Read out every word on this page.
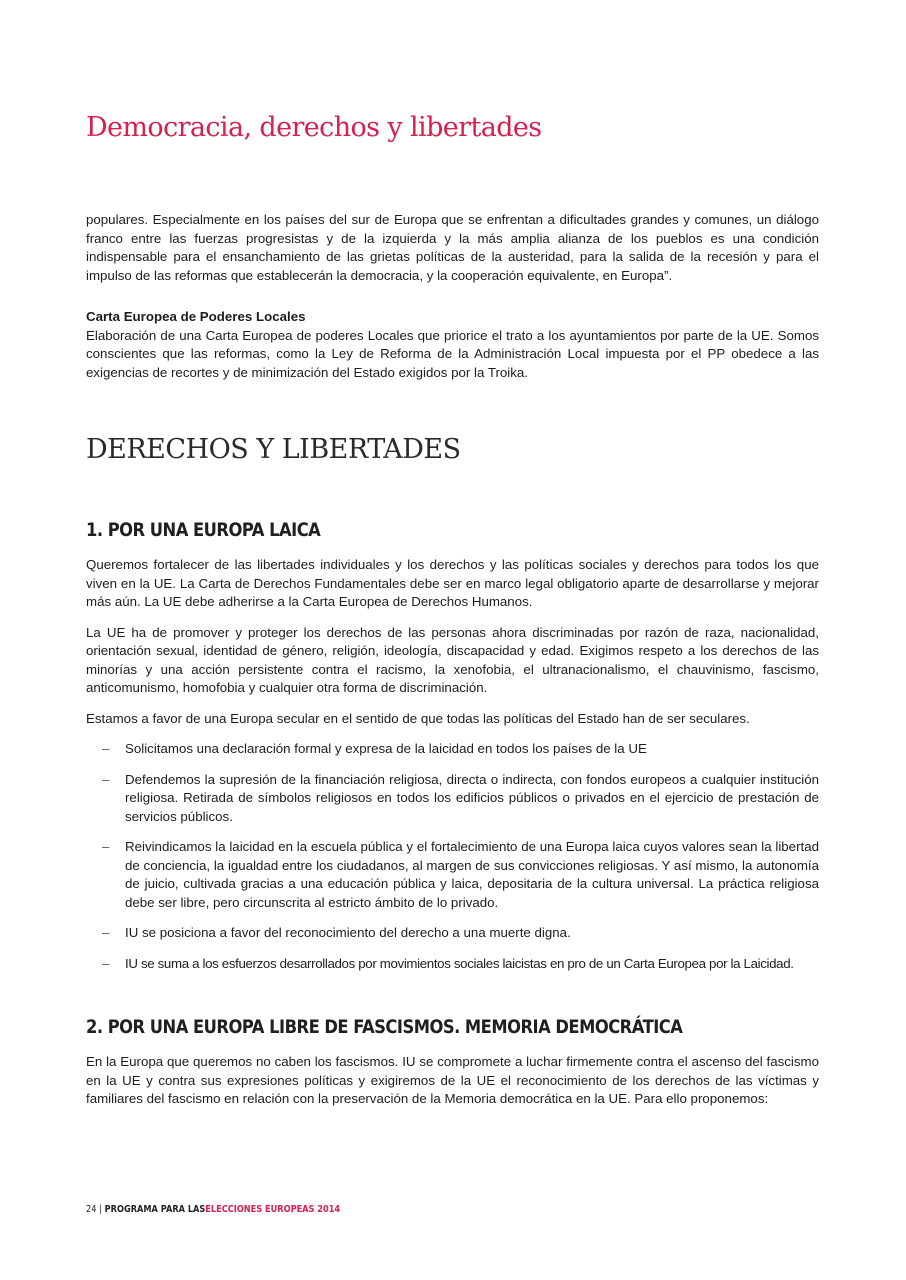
Democracia, derechos y libertades

populares. Especialmente en los países del sur de Europa que se enfrentan a dificultades grandes y comunes, un diálogo franco entre las fuerzas progresistas y de la izquierda y la más amplia alianza de los pueblos es una condición indispensable para el ensanchamiento de las grietas políticas de la austeridad, para la salida de la recesión y para el impulso de las reformas que establecerán la democracia, y la cooperación equivalente, en Europa”.

Carta Europea de Poderes Locales

Elaboración de una Carta Europea de poderes Locales que priorice el trato a los ayuntamientos por parte de la UE. Somos conscientes que las reformas, como la Ley de Reforma de la Administración Local impuesta por el PP obedece a las exigencias de recortes y de minimización del Estado exigidos por la Troika.

DERECHOS Y LIBERTADES
1. POR UNA EUROPA LAICA

Queremos fortalecer de las libertades individuales y los derechos y las políticas sociales y derechos para todos los que viven en la UE. La Carta de Derechos Fundamentales debe ser en marco legal obligatorio aparte de desarrollarse y mejorar más aún. La UE debe adherirse a la Carta Europea de Derechos Humanos.

La UE ha de promover y proteger los derechos de las personas ahora discriminadas por razón de raza, nacionalidad, orientación sexual, identidad de género, religión, ideología, discapacidad y edad. Exigimos respeto a los derechos de las minorías y una acción persistente contra el racismo, la xenofobia, el ultranacionalismo, el chauvinismo, fascismo, anticomunismo, homofobia y cualquier otra forma de discriminación.

Estamos a favor de una Europa secular en el sentido de que todas las políticas del Estado han de ser seculares.

– Solicitamos una declaración formal y expresa de la laicidad en todos los países de la UE
– Defendemos la supresión de la financiación religiosa, directa o indirecta, con fondos europeos a cualquier institución religiosa. Retirada de símbolos religiosos en todos los edificios públicos o privados en el ejercicio de prestación de servicios públicos.
– Reivindicamos la laicidad en la escuela pública y el fortalecimiento de una Europa laica cuyos valores sean la libertad de conciencia, la igualdad entre los ciudadanos, al margen de sus convicciones religiosas. Y así mismo, la autonomía de juicio, cultivada gracias a una educación pública y laica, depositaria de la cultura universal. La práctica religiosa debe ser libre, pero circunscrita al estricto ámbito de lo privado.
– IU se posiciona a favor del reconocimiento del derecho a una muerte digna.
– IU se suma a los esfuerzos desarrollados por movimientos sociales laicistas en pro de un Carta Europea por la Laicidad.
2. POR UNA EUROPA LIBRE DE FASCISMOS. MEMORIA DEMOCRÁTICA

En la Europa que queremos no caben los fascismos. IU se compromete a luchar firmemente contra el ascenso del fascismo en la UE y contra sus expresiones políticas y exigiremos de la UE el reconocimiento de los derechos de las víctimas y familiares del fascismo en relación con la preservación de la Memoria democrática en la UE. Para ello proponemos:

24 | PROGRAMA PARA LASELECCIONES EUROPEAS 2014
